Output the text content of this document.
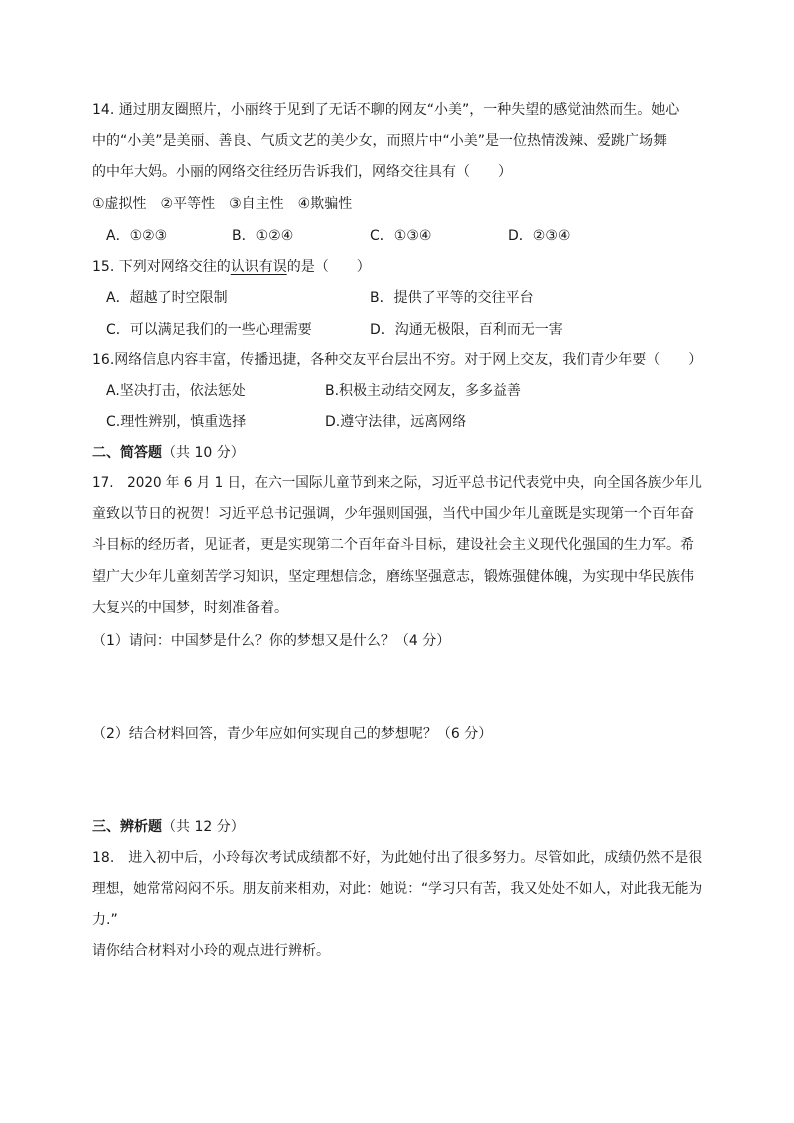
14. 通过朋友圈照片，小丽终于见到了无话不聊的网友“小美”，一种失望的感觉油然而生。她心
中的“小美”是美丽、善良、气质文艺的美少女，而照片中“小美”是一位热情泼辣、爱跳广场舞
的中年大妈。小丽的网络交往经历告诉我们，网络交往具有（　　）
①虚拟性　②平等性　③自主性　④欺骗性
A．①②③	B．①②④	C．①③④	D．②③④
15. 下列对网络交往的认识有误的是（　　）
A．超越了时空限制	B．提供了平等的交往平台
C．可以满足我们的一些心理需要	D．沟通无极限，百利而无一害
16.网络信息内容丰富，传播迅捷，各种交友平台层出不穷。对于网上交友，我们青少年要（　　）
A.坚决打击，依法惩处	B.积极主动结交网友，多多益善
C.理性辨别，慎重选择	D.遵守法律，远离网络
二、简答题（共 10 分）
17.　2020 年 6 月 1 日，在六一国际儿童节到来之际，习近平总书记代表党中央，向全国各族少年儿
童致以节日的祝贺！习近平总书记强调，少年强则国强，当代中国少年儿童既是实现第一个百年奋
斗目标的经历者，见证者，更是实现第二个百年奋斗目标，建设社会主义现代化强国的生力军。希
望广大少年儿童刻苦学习知识，坚定理想信念，磨练坚强意志，锻炼强健体魄，为实现中华民族伟
大复兴的中国梦，时刻准备着。
（1）请问：中国梦是什么？你的梦想又是什么？（4 分）
（2）结合材料回答，青少年应如何实现自己的梦想呢？（6 分）
三、辨析题（共 12 分）
18.　进入初中后，小玲每次考试成绩都不好，为此她付出了很多努力。尽管如此，成绩仍然不是很
理想，她常常闷闷不乐。朋友前来相劝，对此：她说：“学习只有苦，我又处处不如人，对此我无能为
力.”
请你结合材料对小玲的观点进行辨析。
